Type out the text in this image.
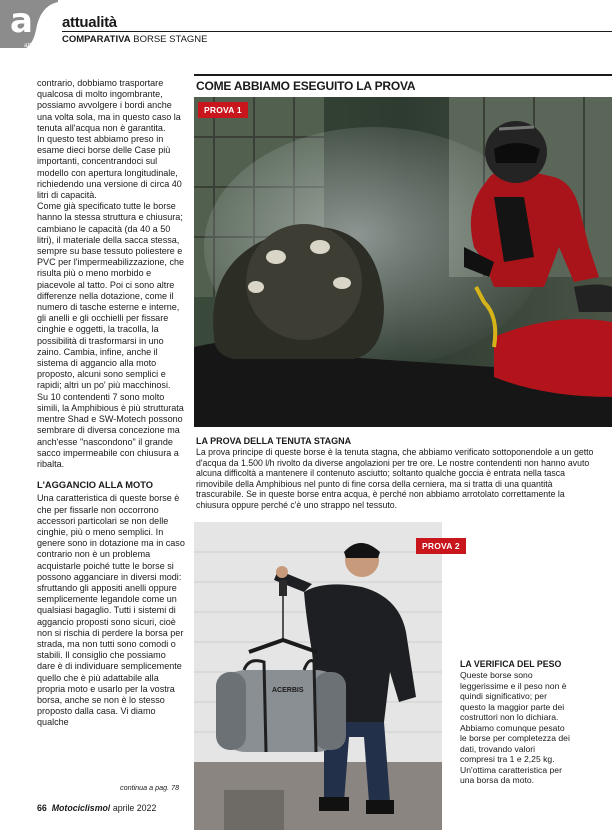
a
attualità
attualità
COMPARATIVA BORSE STAGNE

contrario, dobbiamo trasportare qualcosa di molto ingombrante, possiamo avvolgere i bordi anche una volta sola, ma in questo caso la tenuta all'acqua non è garantita.

In questo test abbiamo preso in esame dieci borse delle Case più importanti, concentrandoci sul modello con apertura longitudinale, richiedendo una versione di circa 40 litri di capacità.

Come già specificato tutte le borse hanno la stessa struttura e chiusura; cambiano le capacità (da 40 a 50 litri), il materiale della sacca stessa, sempre su base tessuto poliestere e PVC per l'impermeabilizzazione, che risulta più o meno morbido e piacevole al tatto. Poi ci sono altre differenze nella dotazione, come il numero di tasche esterne e interne, gli anelli e gli occhielli per fissare cinghie e oggetti, la tracolla, la possibilità di trasformarsi in uno zaino. Cambia, infine, anche il sistema di aggancio alla moto proposto, alcuni sono semplici e rapidi; altri un po' più macchinosi.

Su 10 contendenti 7 sono molto simili, la Amphibious è più strutturata mentre Shad e SW-Motech possono sembrare di diversa concezione ma anch'esse "nascondono" il grande sacco impermeabile con chiusura a ribalta.

L'AGGANCIO ALLA MOTO

Una caratteristica di queste borse è che per fissarle non occorrono accessori particolari se non delle cinghie, più o meno semplici. In genere sono in dotazione ma in caso contrario non è un problema acquistarle poiché tutte le borse si possono agganciare in diversi modi: sfruttando gli appositi anelli oppure semplicemente legandole come un qualsiasi bagaglio. Tutti i sistemi di aggancio proposti sono sicuri, cioè non si rischia di perdere la borsa per strada, ma non tutti sono comodi o stabili. Il consiglio che possiamo dare è di individuare semplicemente quello che è più adattabile alla propria moto e usarlo per la vostra borsa, anche se non è lo stesso proposto dalla casa. Vi diamo qualche

continua a pag. 78
66 Motociclismo/ aprile 2022
COME ABBIAMO ESEGUITO LA PROVA
PROVA 1
LA PROVA DELLA TENUTA STAGNA
La prova principe di queste borse è la tenuta stagna, che abbiamo verificato sottoponendole a un getto d'acqua da 1.500 l/h rivolto da diverse angolazioni per tre ore. Le nostre contendenti non hanno avuto alcuna difficoltà a mantenere il contenuto asciutto; soltanto qualche goccia è entrata nella tasca rimovibile della Amphibious nel punto di fine corsa della cerniera, ma si tratta di una quantità trascurabile. Se in queste borse entra acqua, è perché non abbiamo arrotolato correttamente la chiusura oppure perché c'è uno strappo nel tessuto.
ACERBIS
PROVA 2
LA VERIFICA DEL PESO
Queste borse sono leggerissime e il peso non è quindi significativo; per questo la maggior parte dei costruttori non lo dichiara. Abbiamo comunque pesato le borse per completezza dei dati, trovando valori compresi tra 1 e 2,25 kg. Un'ottima caratteristica per una borsa da moto.
